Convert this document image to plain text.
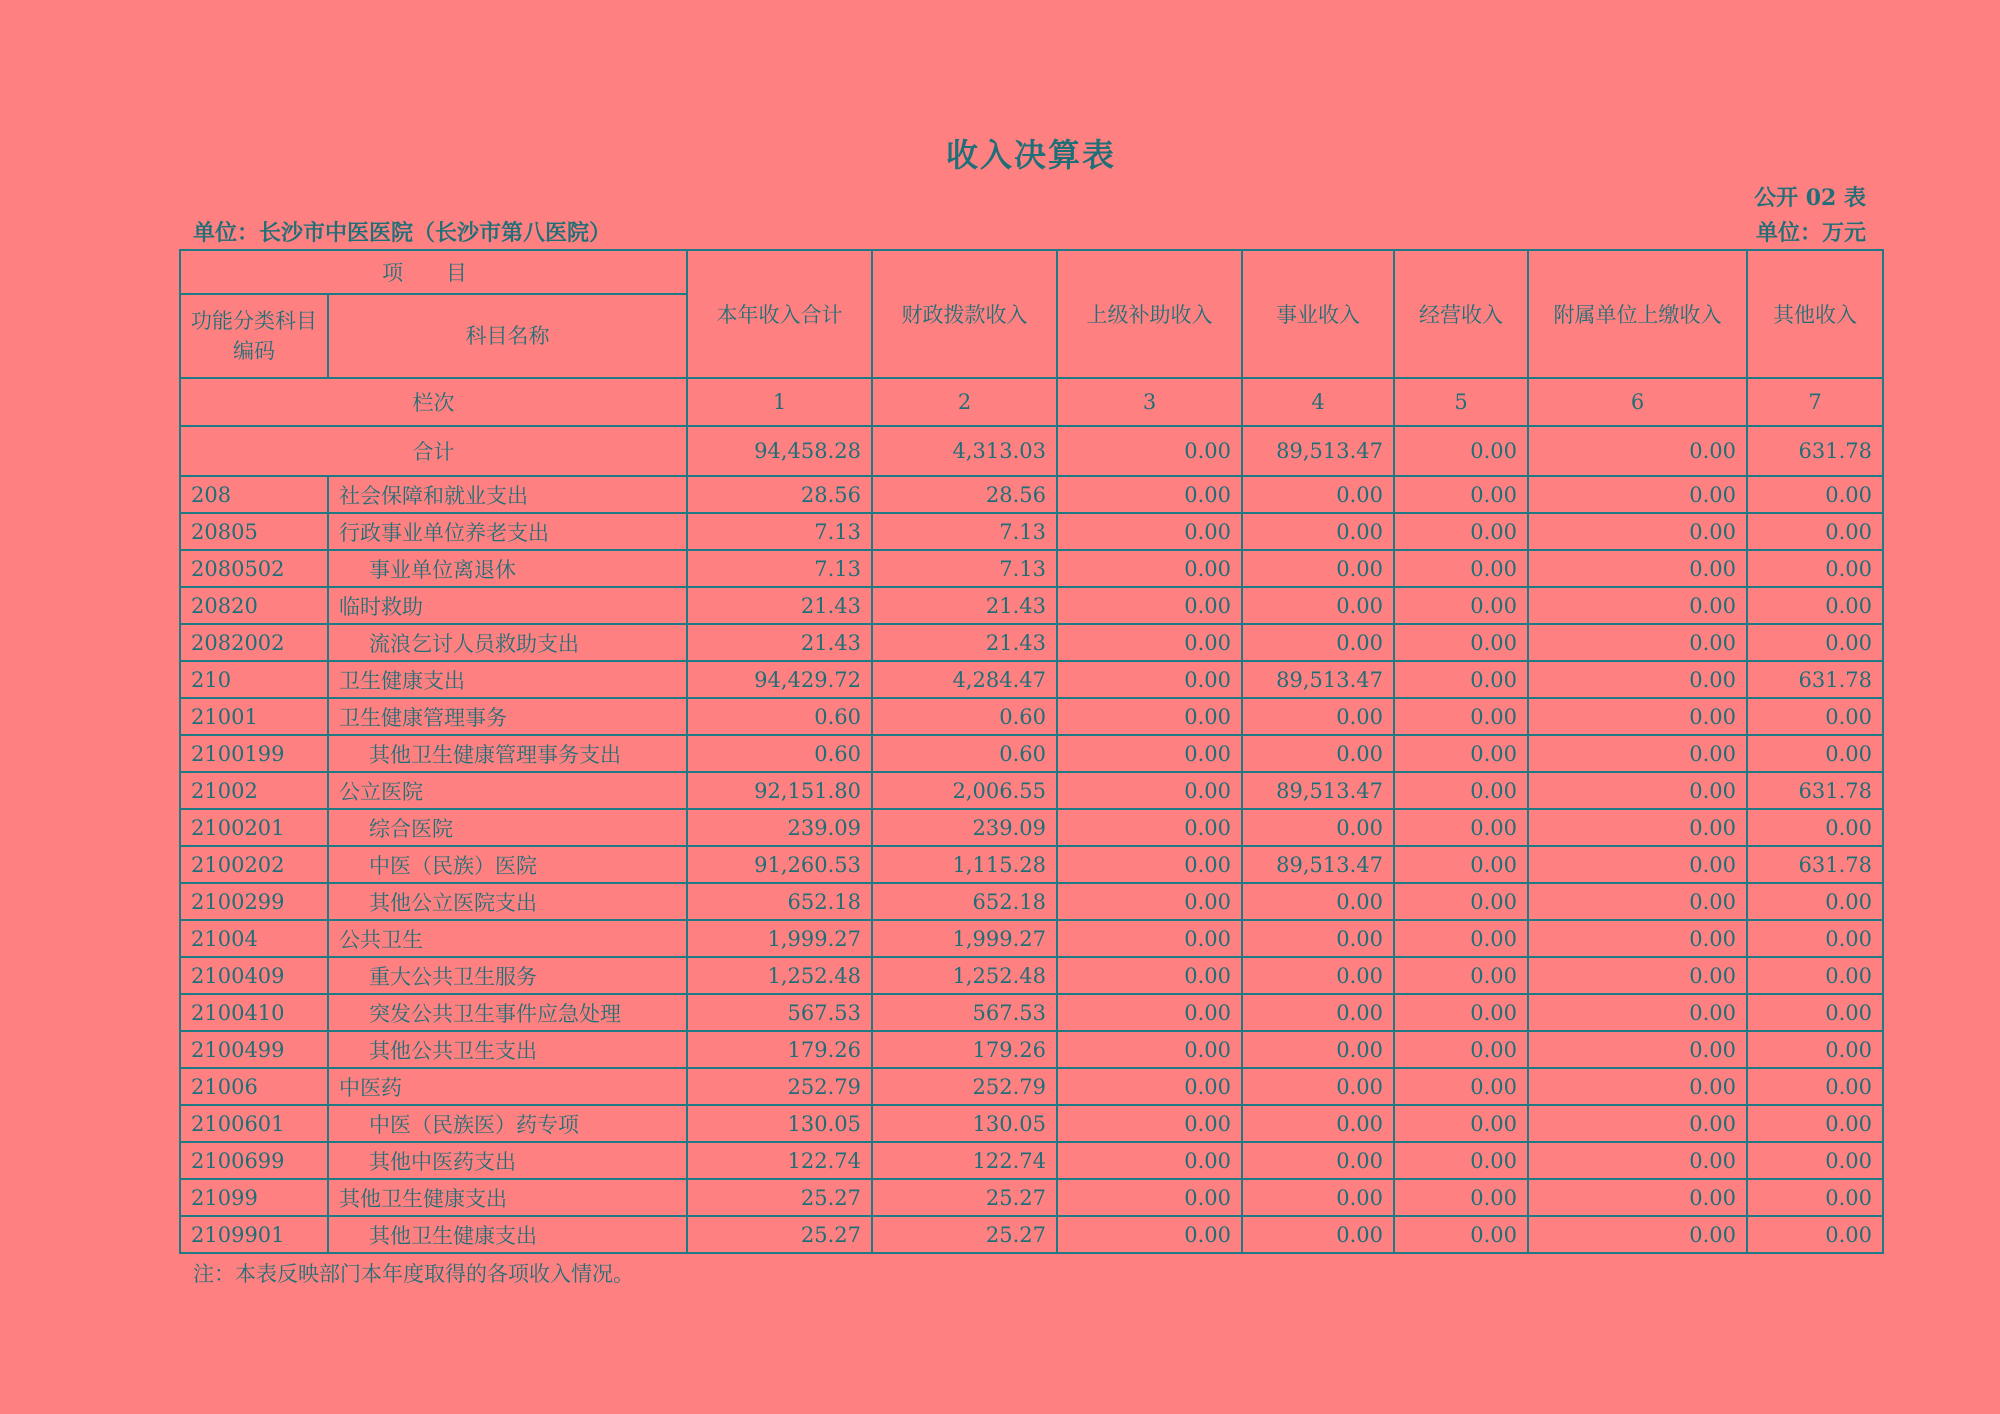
收入决算表
公开 02 表
单位：长沙市中医医院（长沙市第八医院）	单位：万元
项 目		本年收入合计	财政拨款收入	上级补助收入	事业收入	经营收入	附属单位上缴收入	其他收入
功能分类科目编码	科目名称							
栏次		1	2	3	4	5	6	7
合计		94,458.28	4,313.03	0.00	89,513.47	0.00	0.00	631.78
208	社会保障和就业支出	28.56	28.56	0.00	0.00	0.00	0.00	0.00
20805	行政事业单位养老支出	7.13	7.13	0.00	0.00	0.00	0.00	0.00
2080502	事业单位离退休	7.13	7.13	0.00	0.00	0.00	0.00	0.00
20820	临时救助	21.43	21.43	0.00	0.00	0.00	0.00	0.00
2082002	流浪乞讨人员救助支出	21.43	21.43	0.00	0.00	0.00	0.00	0.00
210	卫生健康支出	94,429.72	4,284.47	0.00	89,513.47	0.00	0.00	631.78
21001	卫生健康管理事务	0.60	0.60	0.00	0.00	0.00	0.00	0.00
2100199	其他卫生健康管理事务支出	0.60	0.60	0.00	0.00	0.00	0.00	0.00
21002	公立医院	92,151.80	2,006.55	0.00	89,513.47	0.00	0.00	631.78
2100201	综合医院	239.09	239.09	0.00	0.00	0.00	0.00	0.00
2100202	中医（民族）医院	91,260.53	1,115.28	0.00	89,513.47	0.00	0.00	631.78
2100299	其他公立医院支出	652.18	652.18	0.00	0.00	0.00	0.00	0.00
21004	公共卫生	1,999.27	1,999.27	0.00	0.00	0.00	0.00	0.00
2100409	重大公共卫生服务	1,252.48	1,252.48	0.00	0.00	0.00	0.00	0.00
2100410	突发公共卫生事件应急处理	567.53	567.53	0.00	0.00	0.00	0.00	0.00
2100499	其他公共卫生支出	179.26	179.26	0.00	0.00	0.00	0.00	0.00
21006	中医药	252.79	252.79	0.00	0.00	0.00	0.00	0.00
2100601	中医（民族医）药专项	130.05	130.05	0.00	0.00	0.00	0.00	0.00
2100699	其他中医药支出	122.74	122.74	0.00	0.00	0.00	0.00	0.00
21099	其他卫生健康支出	25.27	25.27	0.00	0.00	0.00	0.00	0.00
2109901	其他卫生健康支出	25.27	25.27	0.00	0.00	0.00	0.00	0.00
注：本表反映部门本年度取得的各项收入情况。
